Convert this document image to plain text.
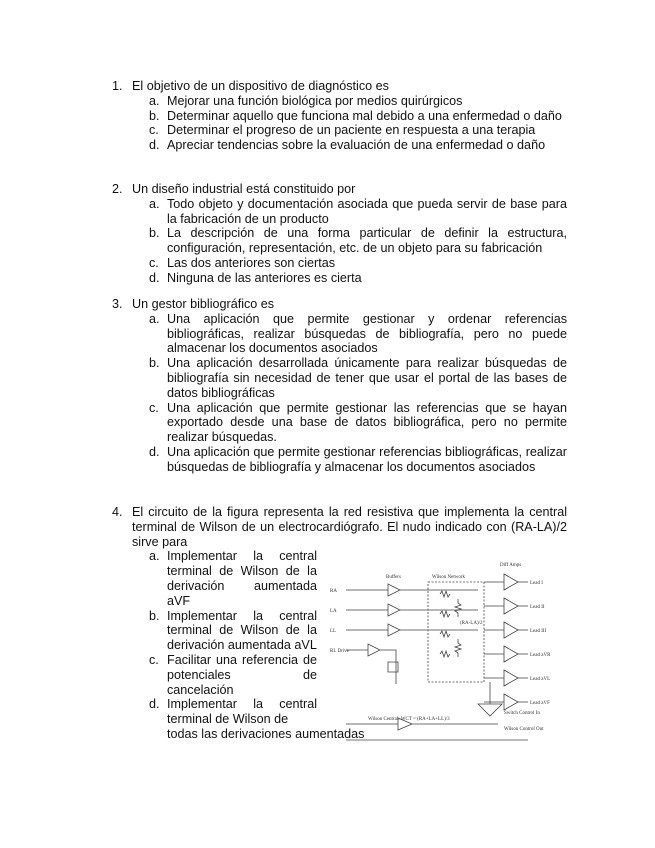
1. El objetivo de un dispositivo de diagnóstico es
a. Mejorar una función biológica por medios quirúrgicos
b. Determinar aquello que funciona mal debido a una enfermedad o daño
c. Determinar el progreso de un paciente en respuesta a una terapia
d. Apreciar tendencias sobre la evaluación de una enfermedad o daño
2. Un diseño industrial está constituido por
a. Todo objeto y documentación asociada que pueda servir de base para la fabricación de un producto
b. La descripción de una forma particular de definir la estructura, configuración, representación, etc. de un objeto para su fabricación
c. Las dos anteriores son ciertas
d. Ninguna de las anteriores es cierta
3. Un gestor bibliográfico es
a. Una aplicación que permite gestionar y ordenar referencias bibliográficas, realizar búsquedas de bibliografía, pero no puede almacenar los documentos asociados
b. Una aplicación desarrollada únicamente para realizar búsquedas de bibliografía sin necesidad de tener que usar el portal de las bases de datos bibliográficas
c. Una aplicación que permite gestionar las referencias que se hayan exportado desde una base de datos bibliográfica, pero no permite realizar búsquedas.
d. Una aplicación que permite gestionar referencias bibliográficas, realizar búsquedas de bibliografía y almacenar los documentos asociados
4. El circuito de la figura representa la red resistiva que implementa la central terminal de Wilson de un electrocardiógrafo. El nudo indicado con (RA-LA)/2 sirve para
a. Implementar la central terminal de Wilson de la derivación aumentada aVF
b. Implementar la central terminal de Wilson de la derivación aumentada aVL
c. Facilitar una referencia de potenciales de cancelación
d. Implementar la central terminal de Wilson de
todas las derivaciones aumentadas
RA
LA
LL
RL Drive
Wilson Network
Diff Amps
Buffers
Lead I
Lead II
Lead III
Lead aVR
Lead aVL
Lead aVF
(RA-LA)/2
Wilson Central: WCT = (RA+LA+LL)/3
Switch Control In
Wilson Control Out
